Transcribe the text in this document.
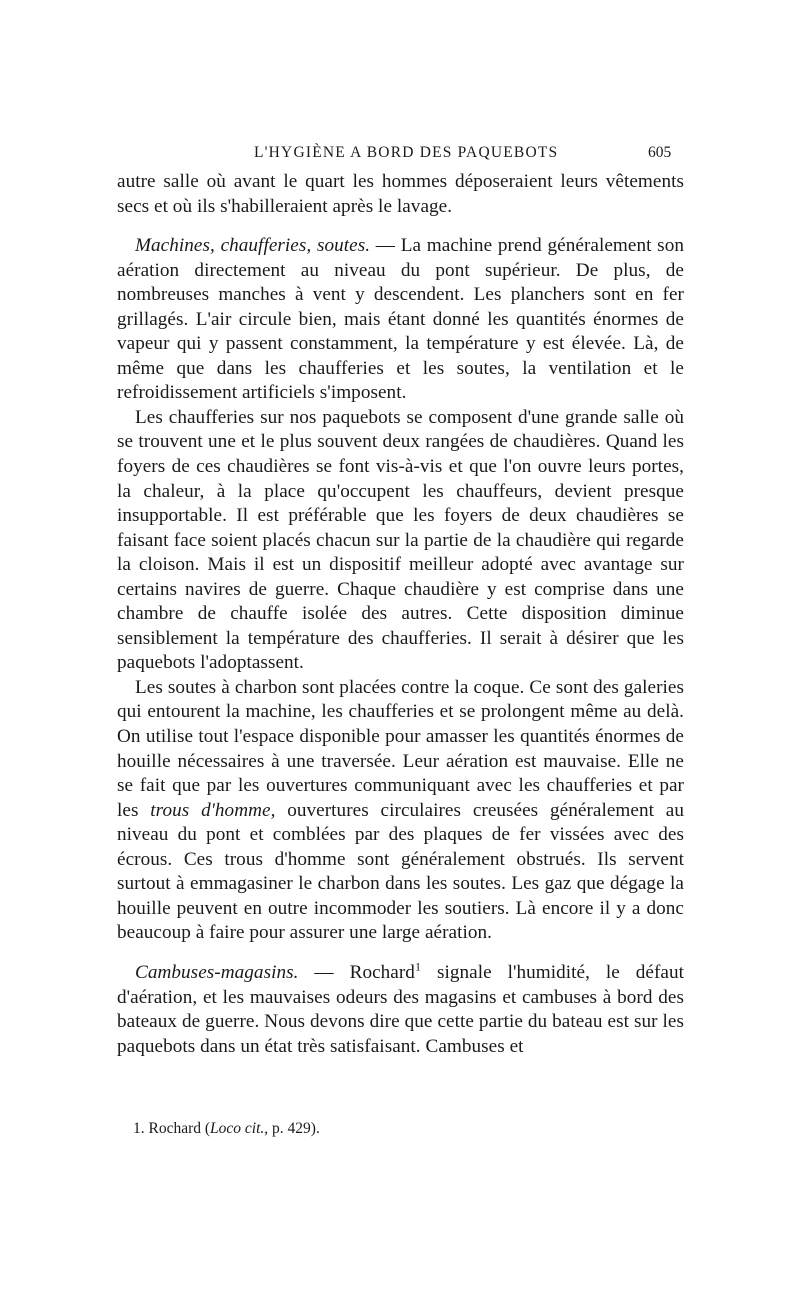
L'HYGIÈNE A BORD DES PAQUEBOTS	605

autre salle où avant le quart les hommes déposeraient leurs vêtements secs et où ils s'habilleraient après le lavage.

Machines, chaufferies, soutes. — La machine prend généralement son aération directement au niveau du pont supérieur. De plus, de nombreuses manches à vent y descendent. Les planchers sont en fer grillagés. L'air circule bien, mais étant donné les quantités énormes de vapeur qui y passent constamment, la température y est élevée. Là, de même que dans les chaufferies et les soutes, la ventilation et le refroidissement artificiels s'imposent.

Les chaufferies sur nos paquebots se composent d'une grande salle où se trouvent une et le plus souvent deux rangées de chaudières. Quand les foyers de ces chaudières se font vis-à-vis et que l'on ouvre leurs portes, la chaleur, à la place qu'occupent les chauffeurs, devient presque insupportable. Il est préférable que les foyers de deux chaudières se faisant face soient placés chacun sur la partie de la chaudière qui regarde la cloison. Mais il est un dispositif meilleur adopté avec avantage sur certains navires de guerre. Chaque chaudière y est comprise dans une chambre de chauffe isolée des autres. Cette disposition diminue sensiblement la température des chaufferies. Il serait à désirer que les paquebots l'adoptassent.

Les soutes à charbon sont placées contre la coque. Ce sont des galeries qui entourent la machine, les chaufferies et se prolongent même au delà. On utilise tout l'espace disponible pour amasser les quantités énormes de houille nécessaires à une traversée. Leur aération est mauvaise. Elle ne se fait que par les ouvertures communiquant avec les chaufferies et par les trous d'homme, ouvertures circulaires creusées généralement au niveau du pont et comblées par des plaques de fer vissées avec des écrous. Ces trous d'homme sont généralement obstrués. Ils servent surtout à emmagasiner le charbon dans les soutes. Les gaz que dégage la houille peuvent en outre incommoder les soutiers. Là encore il y a donc beaucoup à faire pour assurer une large aération.

Cambuses-magasins. — Rochard$^1$ signale l'humidité, le défaut d'aération, et les mauvaises odeurs des magasins et cambuses à bord des bateaux de guerre. Nous devons dire que cette partie du bateau est sur les paquebots dans un état très satisfaisant. Cambuses et

1. Rochard (Loco cit., p. 429).
